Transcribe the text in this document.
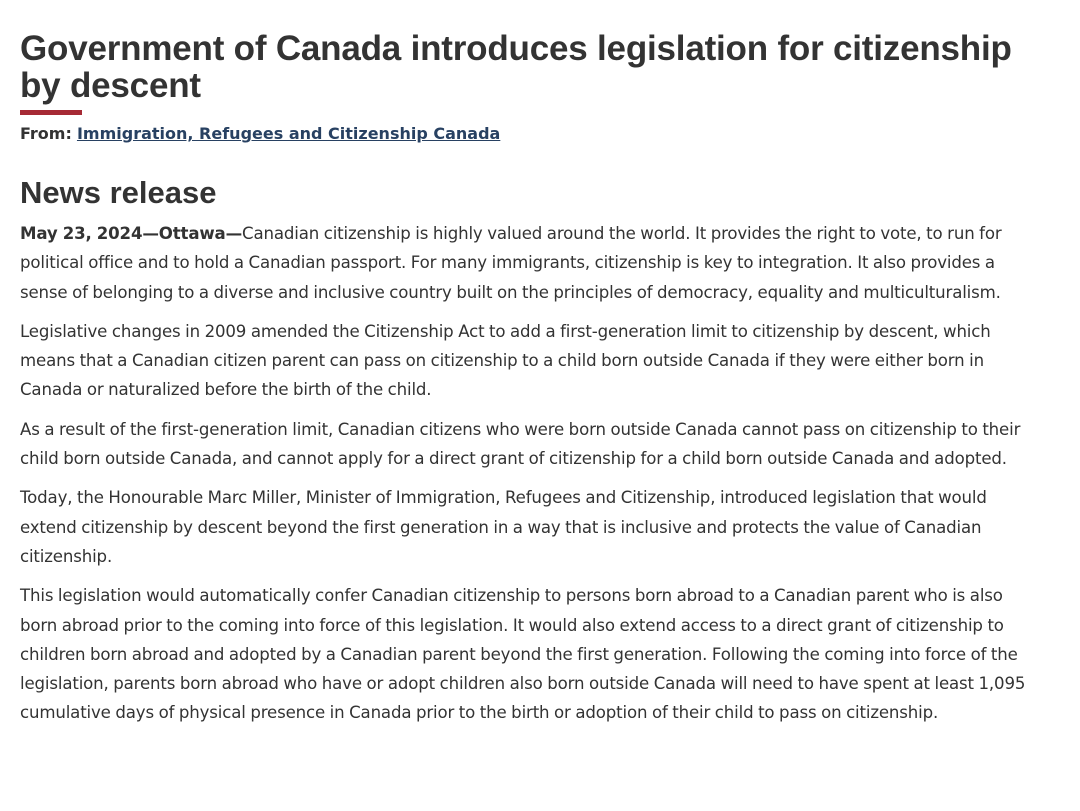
Government of Canada introduces legislation for citizenship by descent
From: Immigration, Refugees and Citizenship Canada
News release

May 23, 2024—Ottawa—Canadian citizenship is highly valued around the world. It provides the right to vote, to run for political office and to hold a Canadian passport. For many immigrants, citizenship is key to integration. It also provides a sense of belonging to a diverse and inclusive country built on the principles of democracy, equality and multiculturalism.

Legislative changes in 2009 amended the Citizenship Act to add a first-generation limit to citizenship by descent, which means that a Canadian citizen parent can pass on citizenship to a child born outside Canada if they were either born in Canada or naturalized before the birth of the child.

As a result of the first-generation limit, Canadian citizens who were born outside Canada cannot pass on citizenship to their child born outside Canada, and cannot apply for a direct grant of citizenship for a child born outside Canada and adopted.

Today, the Honourable Marc Miller, Minister of Immigration, Refugees and Citizenship, introduced legislation that would extend citizenship by descent beyond the first generation in a way that is inclusive and protects the value of Canadian citizenship.

This legislation would automatically confer Canadian citizenship to persons born abroad to a Canadian parent who is also born abroad prior to the coming into force of this legislation. It would also extend access to a direct grant of citizenship to children born abroad and adopted by a Canadian parent beyond the first generation. Following the coming into force of the legislation, parents born abroad who have or adopt children also born outside Canada will need to have spent at least 1,095 cumulative days of physical presence in Canada prior to the birth or adoption of their child to pass on citizenship.
